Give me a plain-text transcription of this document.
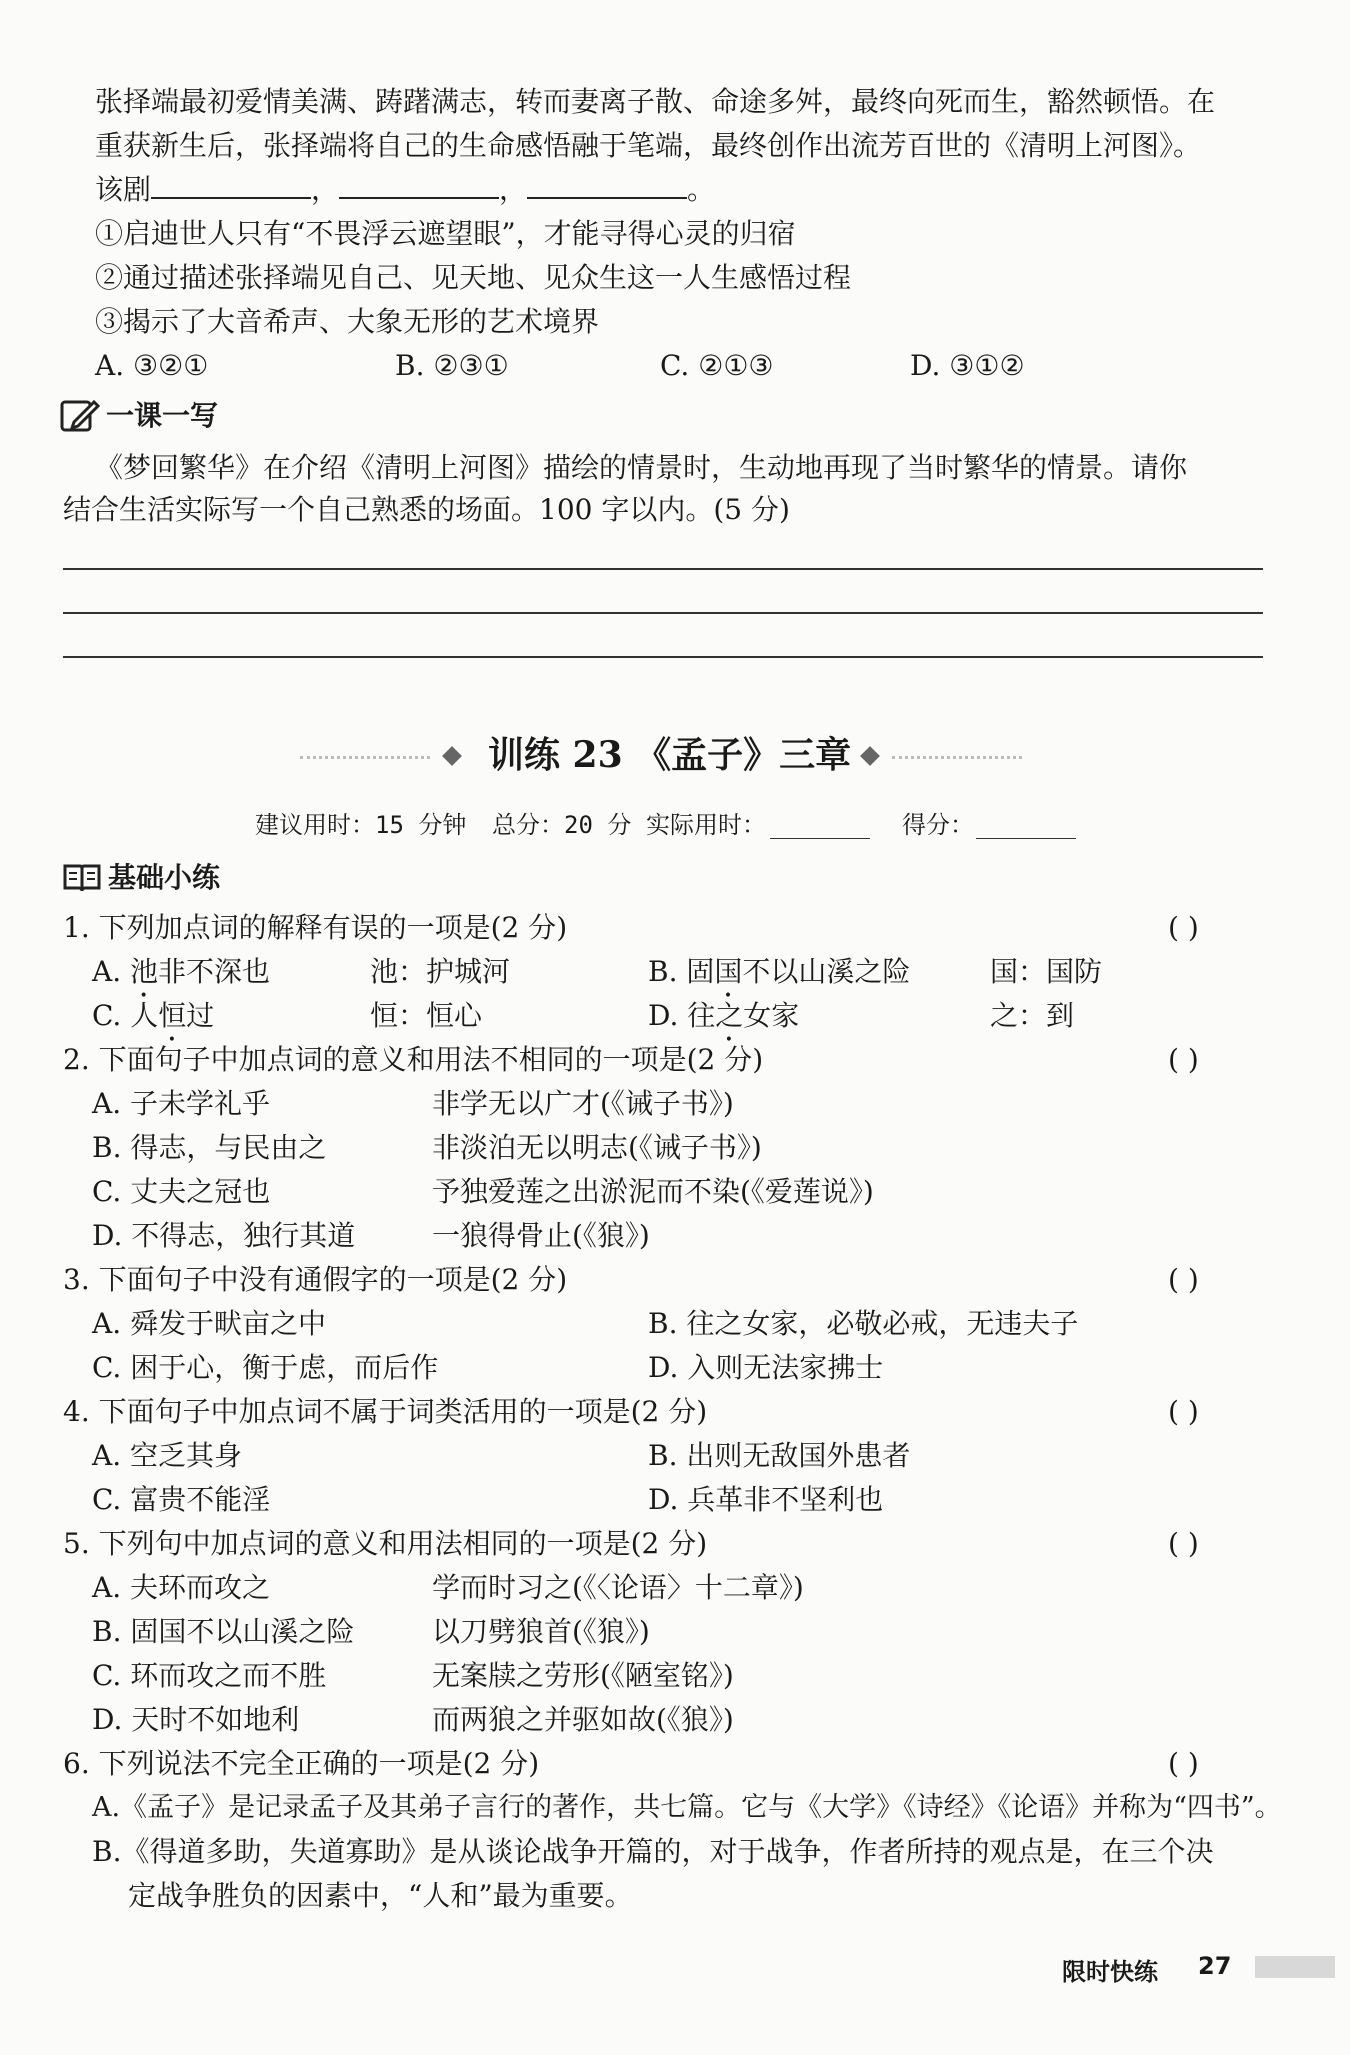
张择端最初爱情美满、踌躇满志，转而妻离子散、命途多舛，最终向死而生，豁然顿悟。在
重获新生后，张择端将自己的生命感悟融于笔端，最终创作出流芳百世的《清明上河图》。
该剧	，	，	。
①启迪世人只有“不畏浮云遮望眼”，才能寻得心灵的归宿
②通过描述张择端见自己、见天地、见众生这一人生感悟过程
③揭示了大音希声、大象无形的艺术境界
A. ③②①	B. ②③①	C. ②①③	D. ③①②
一课一写
《梦回繁华》在介绍《清明上河图》描绘的情景时，生动地再现了当时繁华的情景。请你
结合生活实际写一个自己熟悉的场面。100 字以内。(5 分)
训练 23 《孟子》三章
建议用时：15 分钟 总分：20 分 实际用时：	得分：
基础小练
1. 下列加点词的解释有误的一项是(2 分)	( )
A. 池非不深也	池：护城河	B. 固国不以山溪之险	国：国防
C. 人恒过	恒：恒心	D. 往之女家	之：到
2. 下面句子中加点词的意义和用法不相同的一项是(2 分)	( )
A. 子未学礼乎	非学无以广才(《诫子书》)
B. 得志，与民由之	非淡泊无以明志(《诫子书》)
C. 丈夫之冠也	予独爱莲之出淤泥而不染(《爱莲说》)
D. 不得志，独行其道	一狼得骨止(《狼》)
3. 下面句子中没有通假字的一项是(2 分)	( )
A. 舜发于畎亩之中	B. 往之女家，必敬必戒，无违夫子
C. 困于心，衡于虑，而后作	D. 入则无法家拂士
4. 下面句子中加点词不属于词类活用的一项是(2 分)	( )
A. 空乏其身	B. 出则无敌国外患者
C. 富贵不能淫	D. 兵革非不坚利也
5. 下列句中加点词的意义和用法相同的一项是(2 分)	( )
A. 夫环而攻之	学而时习之(《〈论语〉十二章》)
B. 固国不以山溪之险	以刀劈狼首(《狼》)
C. 环而攻之而不胜	无案牍之劳形(《陋室铭》)
D. 天时不如地利	而两狼之并驱如故(《狼》)
6. 下列说法不完全正确的一项是(2 分)	( )
A.《孟子》是记录孟子及其弟子言行的著作，共七篇。它与《大学》《诗经》《论语》并称为“四书”。
B.《得道多助，失道寡助》是从谈论战争开篇的，对于战争，作者所持的观点是，在三个决
定战争胜负的因素中，“人和”最为重要。
限时快练 27
